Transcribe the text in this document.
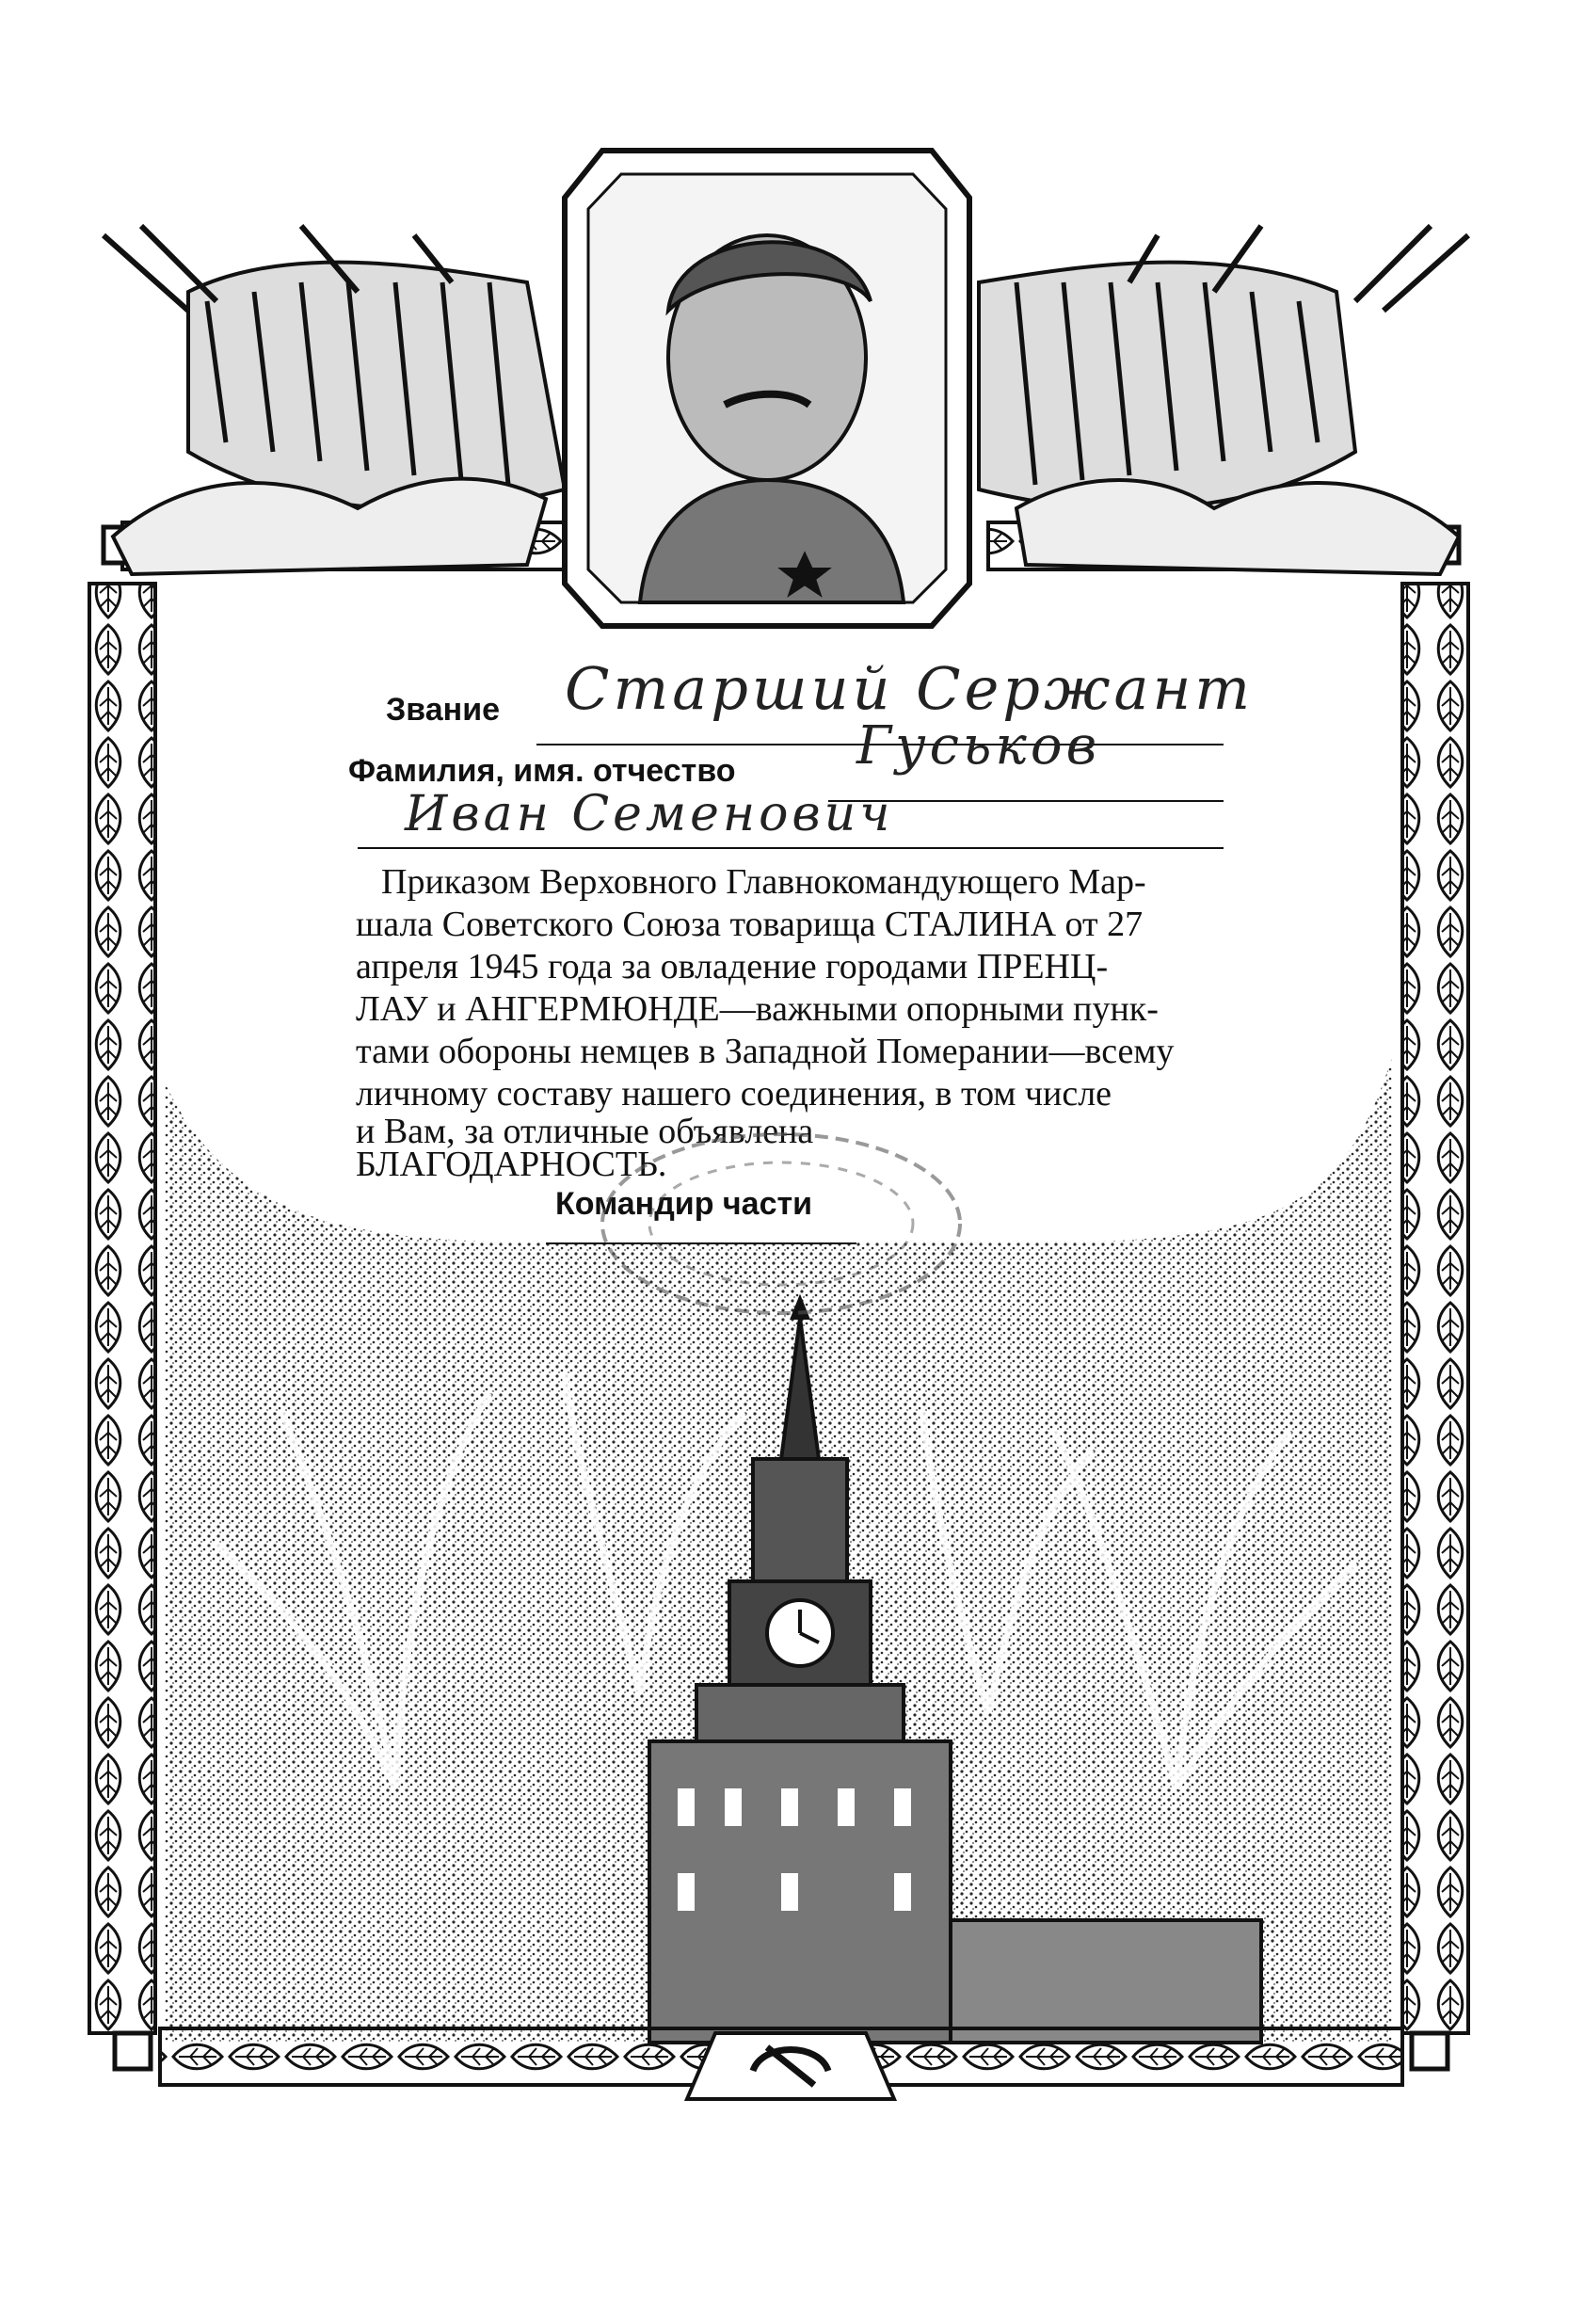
Звание Старший Сержант
Фамилия, имя. отчество Гуськов
Иван Семенович
Приказом Верховного Главнокомандующего Мар-
шала Советского Союза товарища СТАЛИНА от 27
апреля 1945 года за овладение городами ПРЕНЦ-
ЛАУ и АНГЕРМЮНДЕ—важными опорными пунк-
тами обороны немцев в Западной Померании—всему
личному составу нашего соединения, в том числе
и Вам, за отличные объявлена
БЛАГОДАРНОСТЬ.
Командир части
